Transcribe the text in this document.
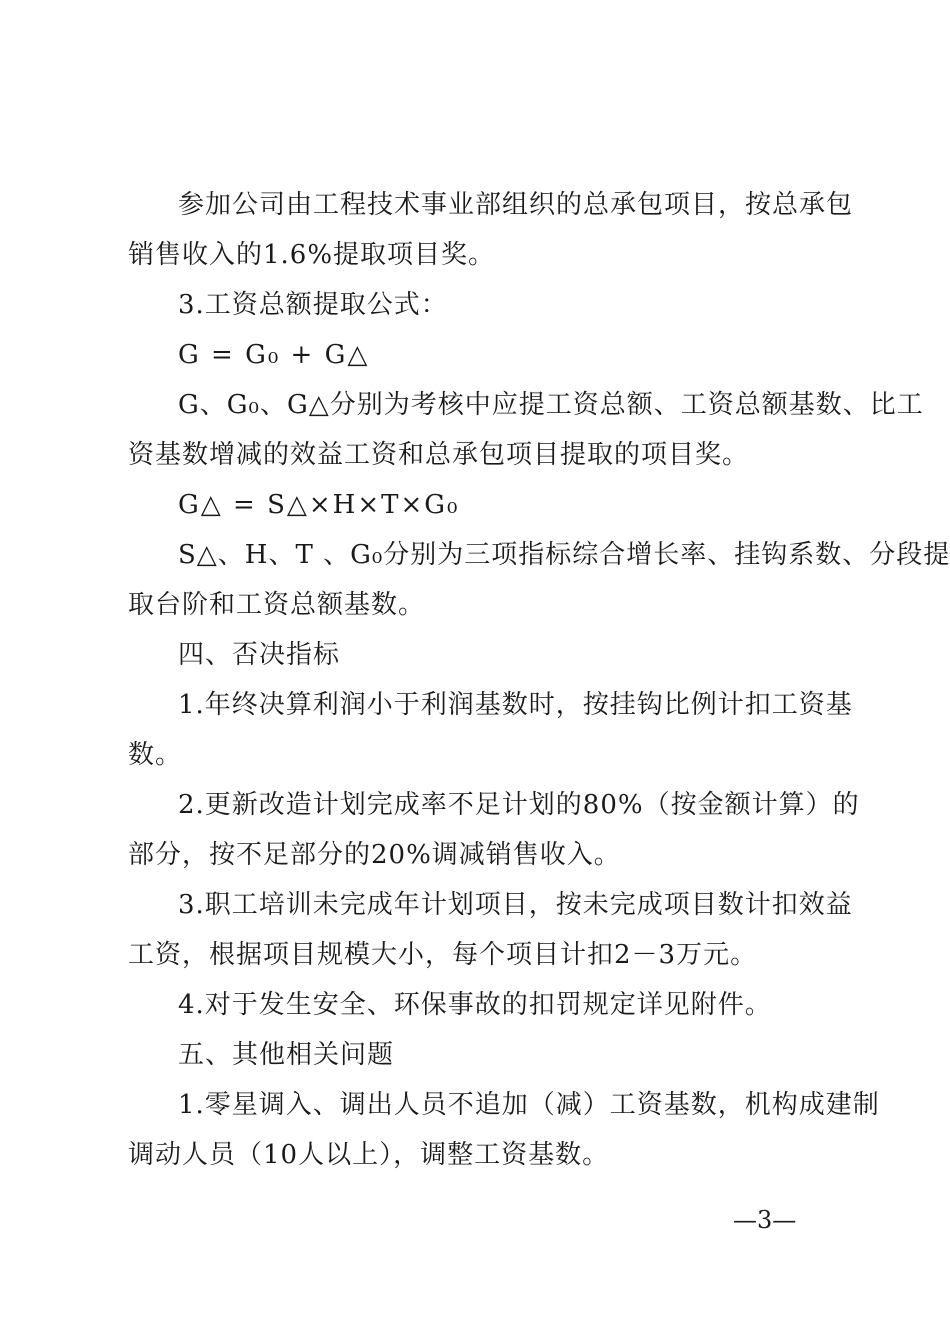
参加公司由工程技术事业部组织的总承包项目，按总承包
销售收入的1.6%提取项目奖。
3.工资总额提取公式：
G = G₀ + G△
G、G₀、G△分别为考核中应提工资总额、工资总额基数、比工
资基数增减的效益工资和总承包项目提取的项目奖。
G△ = S△×H×T×G₀
S△、H、T 、G₀分别为三项指标综合增长率、挂钩系数、分段提
取台阶和工资总额基数。
四、否决指标
1.年终决算利润小于利润基数时，按挂钩比例计扣工资基
数。
2.更新改造计划完成率不足计划的80%（按金额计算）的
部分，按不足部分的20%调减销售收入。
3.职工培训未完成年计划项目，按未完成项目数计扣效益
工资，根据项目规模大小，每个项目计扣2－3万元。
4.对于发生安全、环保事故的扣罚规定详见附件。
五、其他相关问题
1.零星调入、调出人员不追加（减）工资基数，机构成建制
调动人员（10人以上），调整工资基数。
—3—
